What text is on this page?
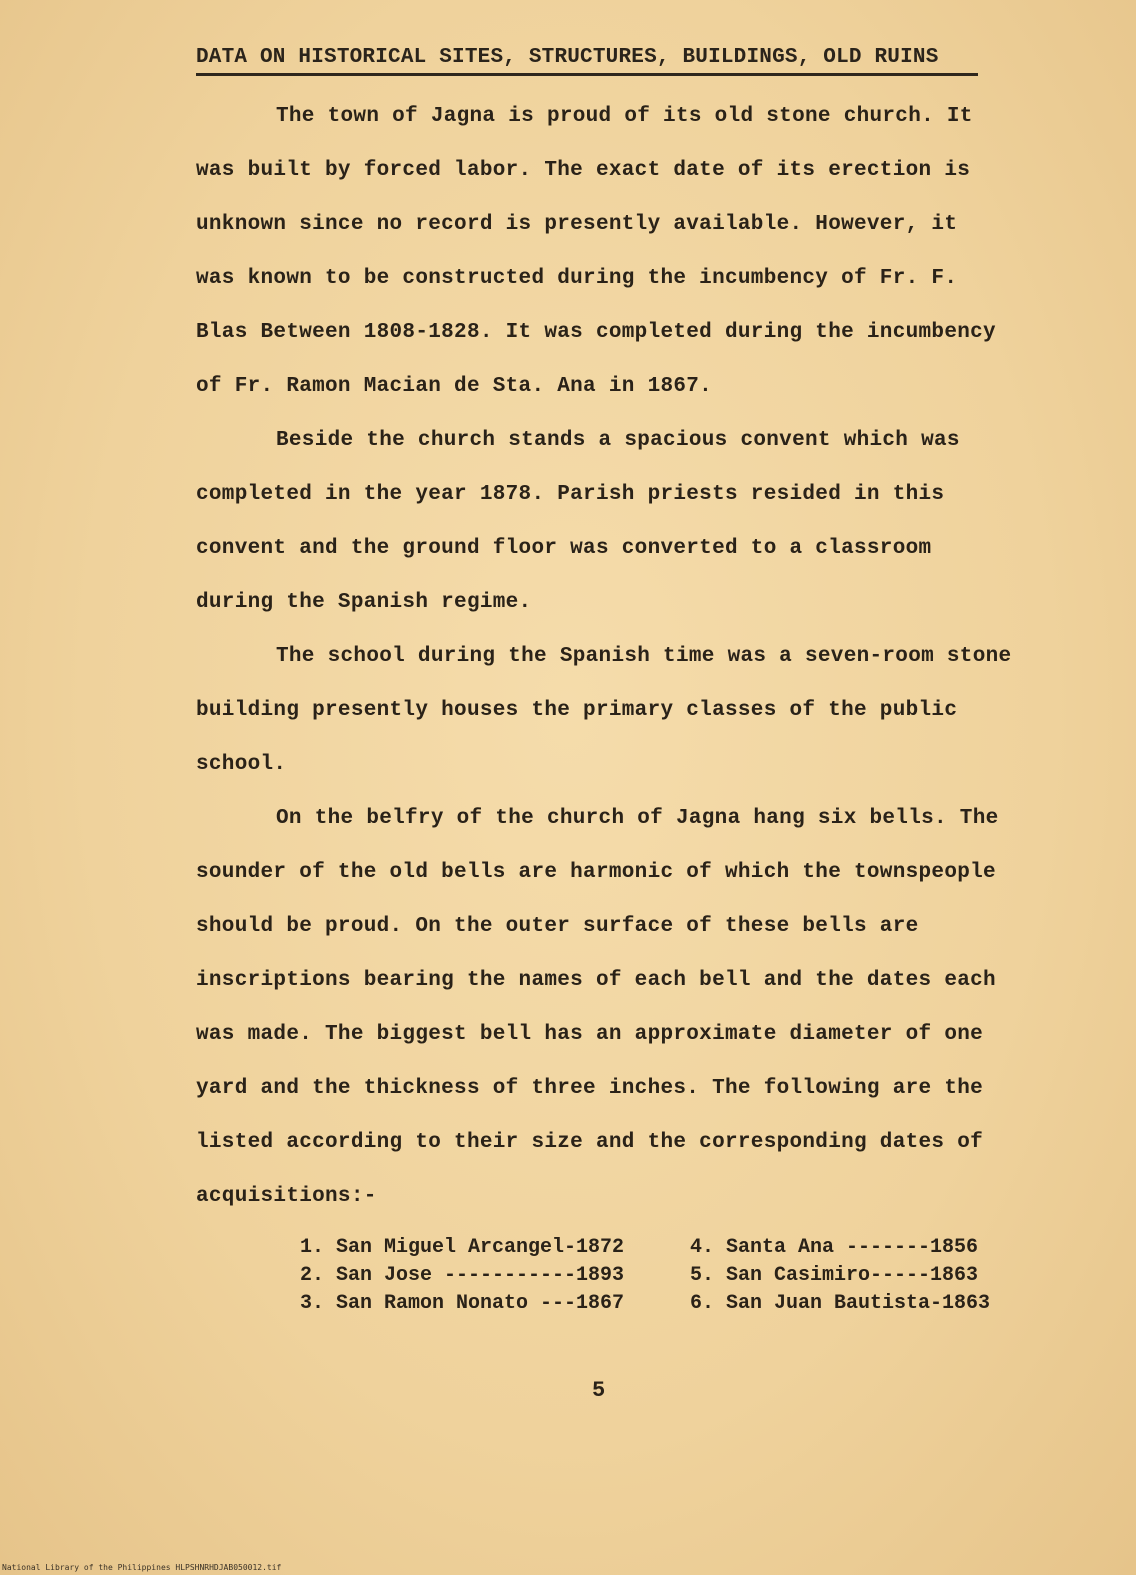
DATA ON HISTORICAL SITES, STRUCTURES, BUILDINGS, OLD RUINS

The town of Jagna is proud of its old stone church. It
was built by forced labor. The exact date of its erection is
unknown since no record is presently available. However, it
was known to be constructed during the incumbency of Fr. F.
Blas Between 1808-1828. It was completed during the incumbency
of Fr. Ramon Macian de Sta. Ana in 1867.

Beside the church stands a spacious convent which was
completed in the year 1878. Parish priests resided in this
convent and the ground floor was converted to a classroom
during the Spanish regime.

The school during the Spanish time was a seven-room stone
building presently houses the primary classes of the public
school.

On the belfry of the church of Jagna hang six bells. The
sounder of the old bells are harmonic of which the townspeople
should be proud. On the outer surface of these bells are
inscriptions bearing the names of each bell and the dates each
was made. The biggest bell has an approximate diameter of one
yard and the thickness of three inches. The following are the
listed according to their size and the corresponding dates of
acquisitions:-

1. San Miguel Arcangel-1872	4. Santa Ana -------1856
2. San Jose -----------1893	5. San Casimiro-----1863
3. San Ramon Nonato ---1867	6. San Juan Bautista-1863
5
National Library of the Philippines HLPSHNRHDJAB050012.tif
